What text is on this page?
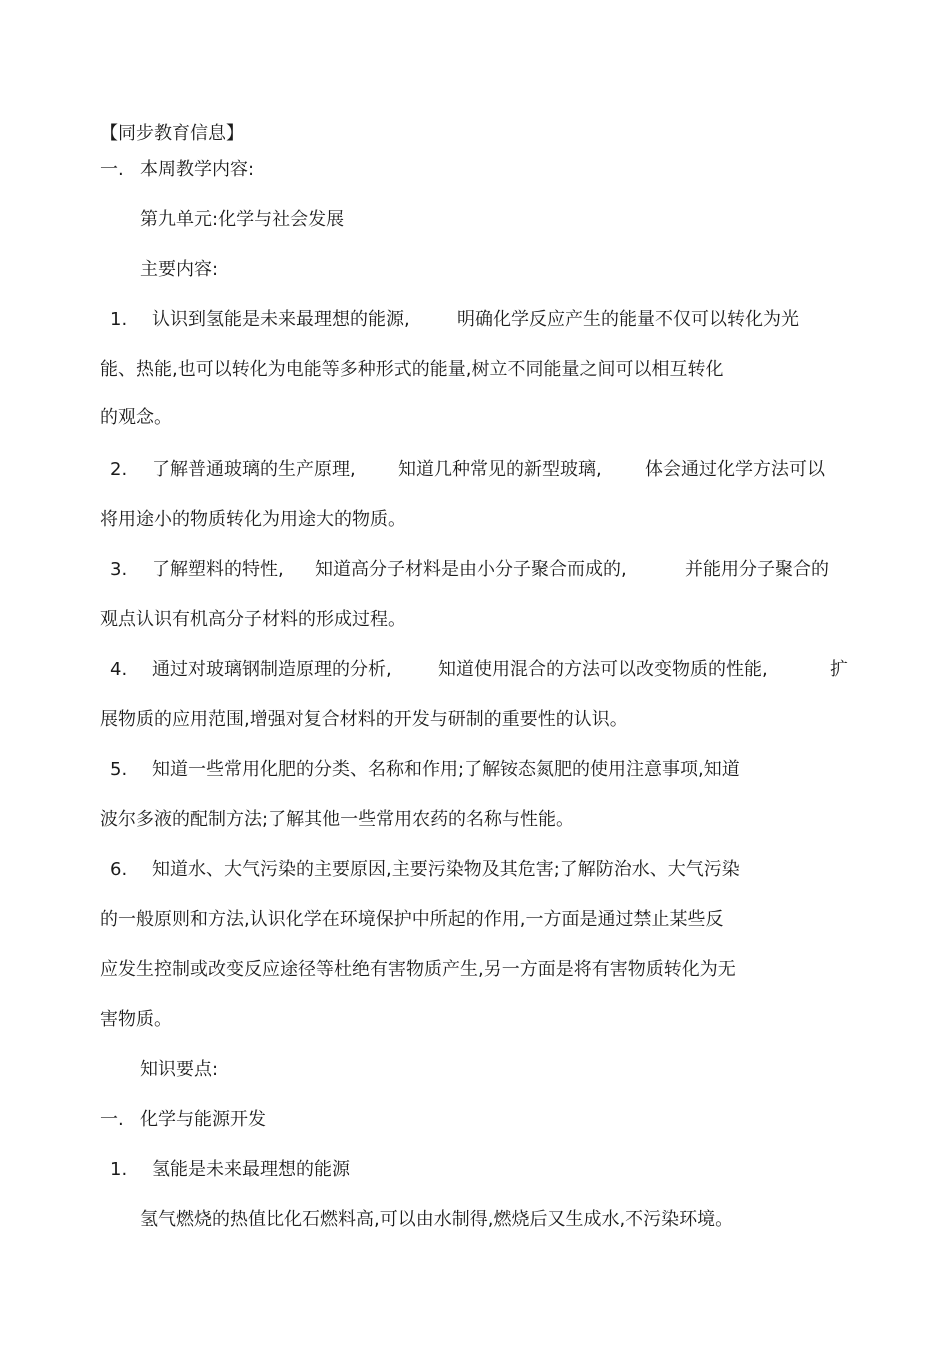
【同步教育信息】
一. 本周教学内容:
第九单元:化学与社会发展
主要内容:
1. 认识到氢能是未来最理想的能源,	明确化学反应产生的能量不仅可以转化为光
能、热能,也可以转化为电能等多种形式的能量,树立不同能量之间可以相互转化
的观念。
2. 了解普通玻璃的生产原理, 知道几种常见的新型玻璃, 体会通过化学方法可以
将用途小的物质转化为用途大的物质。
3. 了解塑料的特性, 知道高分子材料是由小分子聚合而成的,	并能用分子聚合的
观点认识有机高分子材料的形成过程。
4. 通过对玻璃钢制造原理的分析,	知道使用混合的方法可以改变物质的性能,	扩
展物质的应用范围,增强对复合材料的开发与研制的重要性的认识。
5. 知道一些常用化肥的分类、名称和作用;了解铵态氮肥的使用注意事项,知道
波尔多液的配制方法;了解其他一些常用农药的名称与性能。
6. 知道水、大气污染的主要原因,主要污染物及其危害;了解防治水、大气污染
的一般原则和方法,认识化学在环境保护中所起的作用,一方面是通过禁止某些反
应发生控制或改变反应途径等杜绝有害物质产生,另一方面是将有害物质转化为无
害物质。
知识要点:
一. 化学与能源开发
1. 氢能是未来最理想的能源
氢气燃烧的热值比化石燃料高,可以由水制得,燃烧后又生成水,不污染环境。
